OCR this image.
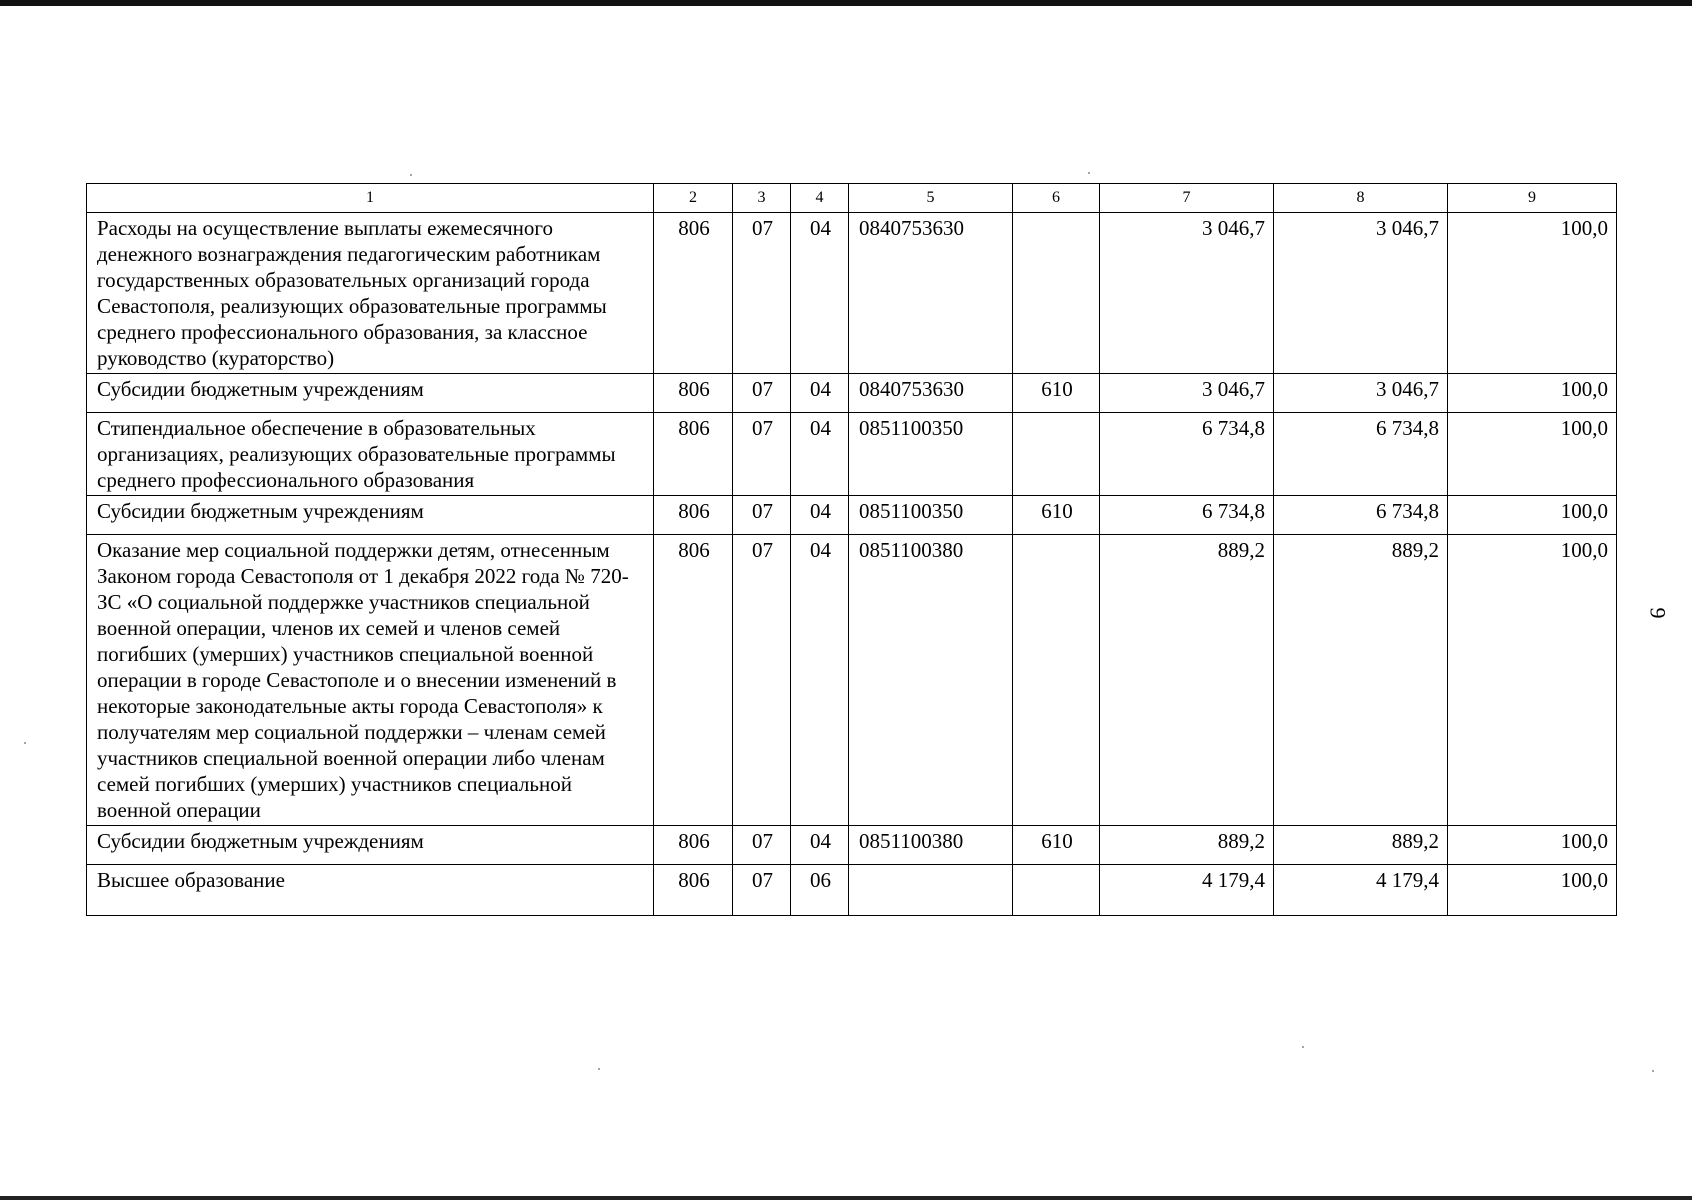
1	2	3	4	5	6	7	8	9
Расходы на осуществление выплаты ежемесячного денежного вознаграждения педагогическим работникам государственных образовательных организаций города Севастополя, реализующих образовательные программы среднего профессионального образования, за классное руководство (кураторство)	806	07	04	0840753630		3 046,7	3 046,7	100,0
Субсидии бюджетным учреждениям	806	07	04	0840753630	610	3 046,7	3 046,7	100,0
Стипендиальное обеспечение в образовательных организациях, реализующих образовательные программы среднего профессионального образования	806	07	04	0851100350		6 734,8	6 734,8	100,0
Субсидии бюджетным учреждениям	806	07	04	0851100350	610	6 734,8	6 734,8	100,0
Оказание мер социальной поддержки детям, отнесенным Законом города Севастополя от 1 декабря 2022 года № 720-ЗС «О социальной поддержке участников специальной военной операции, членов их семей и членов семей погибших (умерших) участников специальной военной операции в городе Севастополе и о внесении изменений в некоторые законодательные акты города Севастополя» к получателям мер социальной поддержки – членам семей участников специальной военной операции либо членам семей погибших (умерших) участников специальной военной операции	806	07	04	0851100380		889,2	889,2	100,0
Субсидии бюджетным учреждениям	806	07	04	0851100380	610	889,2	889,2	100,0
Высшее образование	806	07	06			4 179,4	4 179,4	100,0
9
